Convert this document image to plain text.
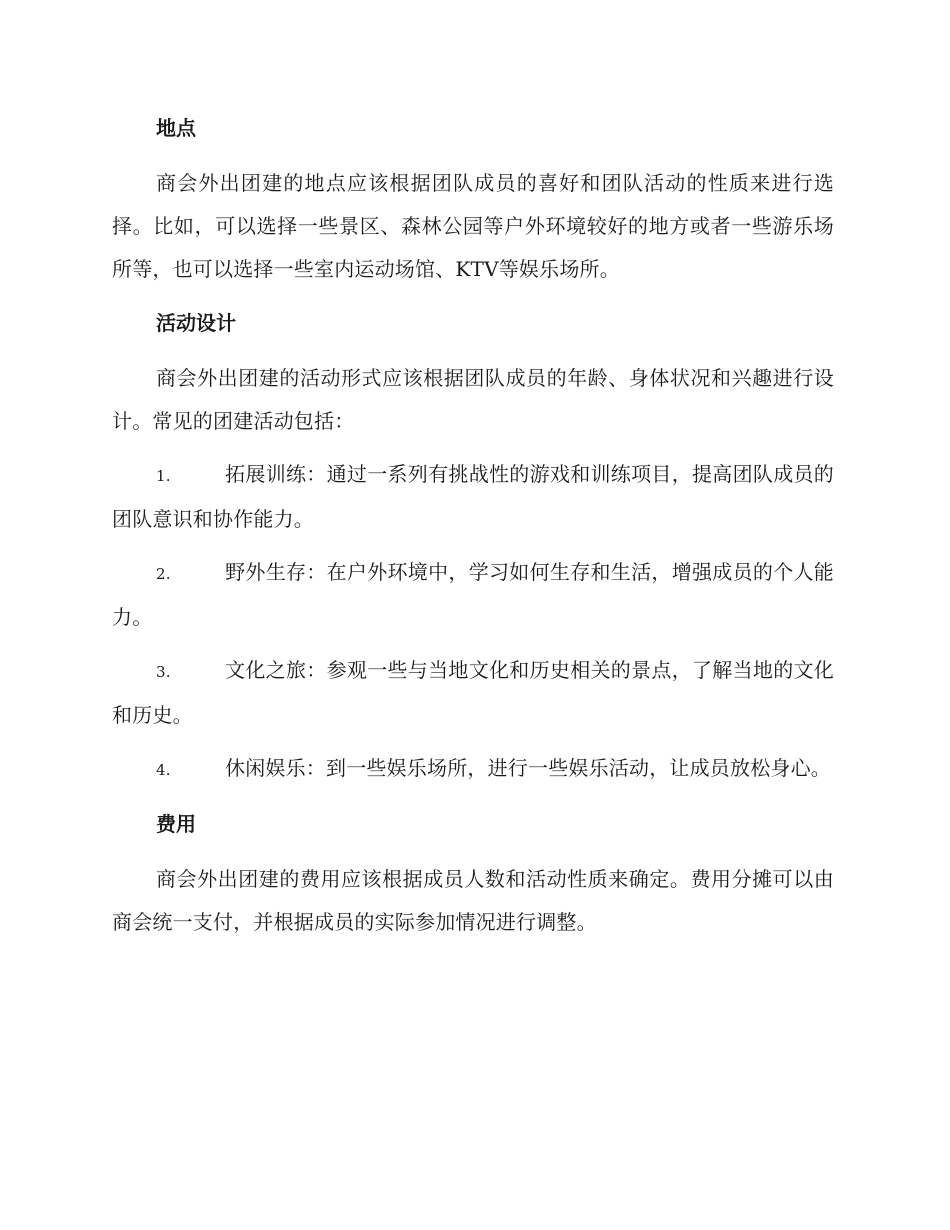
地点

商会外出团建的地点应该根据团队成员的喜好和团队活动的性质来进行选择。比如，可以选择一些景区、森林公园等户外环境较好的地方或者一些游乐场所等，也可以选择一些室内运动场馆、KTV等娱乐场所。

活动设计

商会外出团建的活动形式应该根据团队成员的年龄、身体状况和兴趣进行设计。常见的团建活动包括：

1.	拓展训练：通过一系列有挑战性的游戏和训练项目，提高团队成员的团队意识和协作能力。
2.	野外生存：在户外环境中，学习如何生存和生活，增强成员的个人能力。
3.	文化之旅：参观一些与当地文化和历史相关的景点，了解当地的文化和历史。
4.	休闲娱乐：到一些娱乐场所，进行一些娱乐活动，让成员放松身心。
费用

商会外出团建的费用应该根据成员人数和活动性质来确定。费用分摊可以由商会统一支付，并根据成员的实际参加情况进行调整。
